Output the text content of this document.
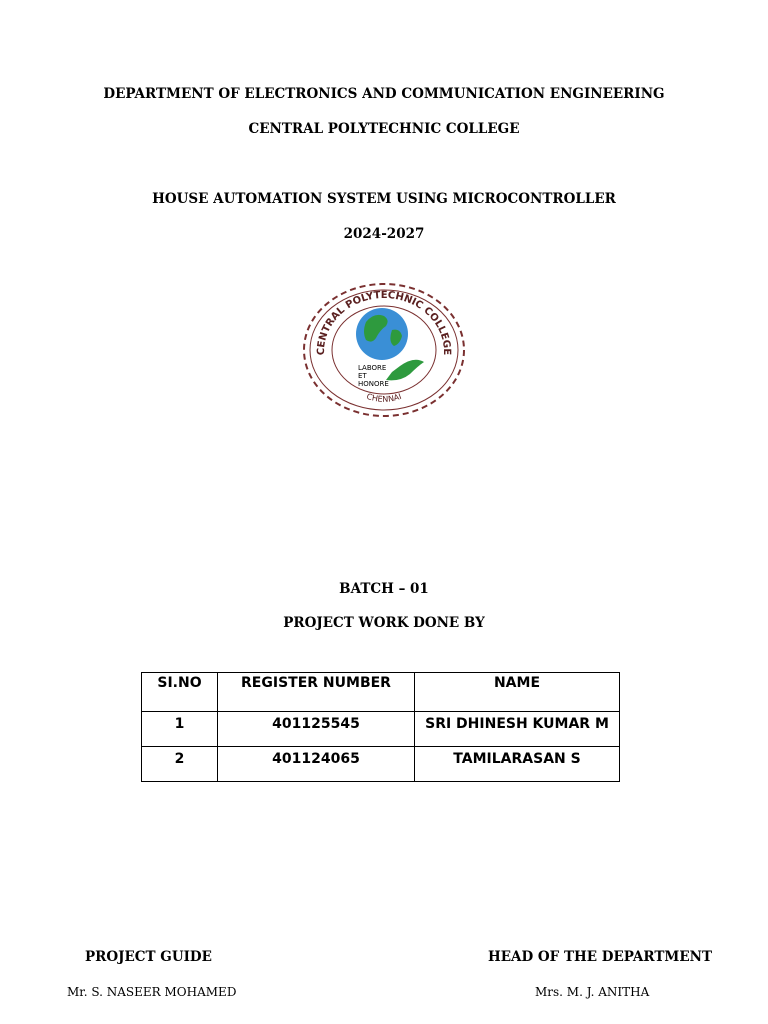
DEPARTMENT OF ELECTRONICS AND COMMUNICATION ENGINEERING
CENTRAL POLYTECHNIC COLLEGE
HOUSE AUTOMATION SYSTEM USING MICROCONTROLLER
2024-2027
CENTRAL POLYTECHNIC COLLEGE
CHENNAI
LABORE
ET
HONORE
BATCH – 01
PROJECT WORK DONE BY
SI.NO	REGISTER NUMBER	NAME
1	401125545	SRI DHINESH KUMAR M
2	401124065	TAMILARASAN S
PROJECT GUIDE	HEAD OF THE DEPARTMENT
Mr. S. NASEER MOHAMED	Mrs. M. J. ANITHA
